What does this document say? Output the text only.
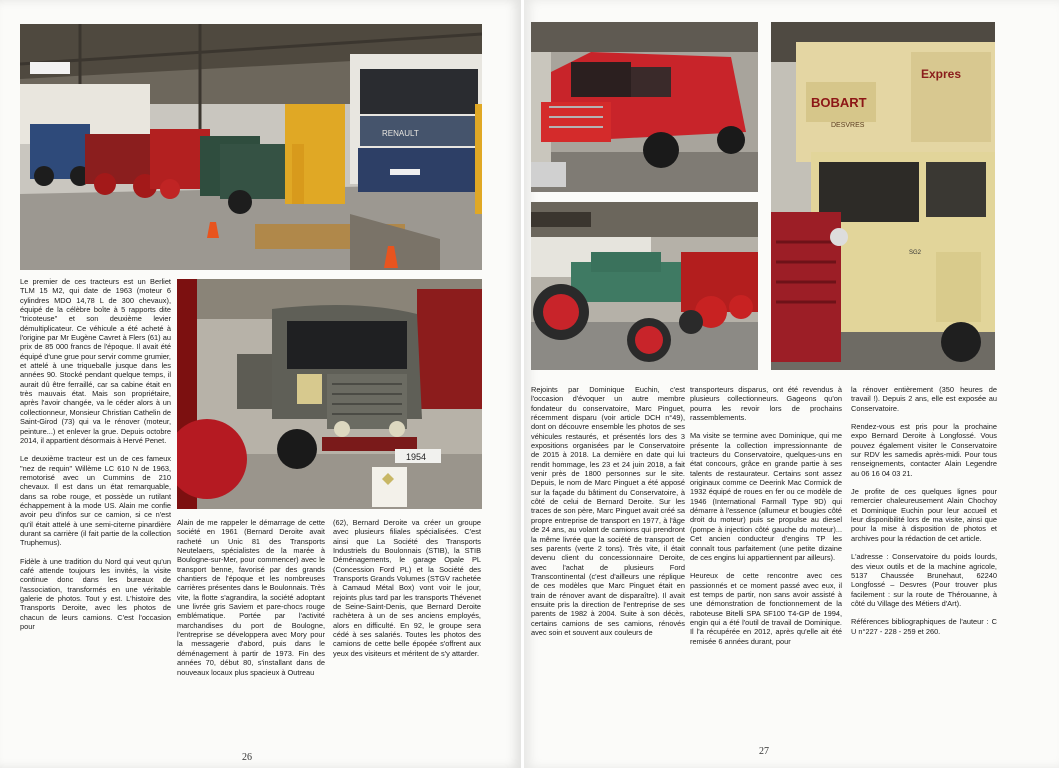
RENAULT
1954

Le premier de ces tracteurs est un Berliet TLM 15 M2, qui date de 1963 (moteur 6 cylindres MDO 14,78 L de 300 chevaux), équipé de la célèbre boîte à 5 rapports dite "tricoteuse" et son deuxième levier démultiplicateur. Ce véhicule a été acheté à l'origine par Mr Eugène Cavret à Flers (61) au prix de 85 000 francs de l'époque. Il avait été équipé d'une grue pour servir comme grumier, et attelé à une triqueballe jusque dans les années 90. Stocké pendant quelque temps, il aurait dû être ferraillé, car sa cabine était en très mauvais état. Mais son propriétaire, après l'avoir changée, va le céder alors à un collectionneur, Monsieur Christian Cathelin de Saint-Girod (73) qui va le rénover (moteur, peinture...) et enlever la grue. Depuis octobre 2014, il appartient désormais à Hervé Penet.

Le deuxième tracteur est un de ces fameux "nez de requin" Willème LC 610 N de 1963, remotorisé avec un Cummins de 210 chevaux. Il est dans un état remarquable, dans sa robe rouge, et possède un rutilant échappement à la mode US. Alain me confie avoir peu d'infos sur ce camion, si ce n'est qu'il était attelé à une semi-citerne pinardière durant sa carrière (il fait partie de la collection Truphemus).

Fidèle à une tradition du Nord qui veut qu'un café attende toujours les invités, la visite continue donc dans les bureaux de l'association, transformés en une véritable galerie de photos. Tout y est. L'histoire des Transports Deroite, avec les photos de chacun de leurs camions. C'est l'occasion pour

Alain de me rappeler le démarrage de cette société en 1961 (Bernard Deroite avait racheté un Unic 81 des Transports Neutelaers, spécialistes de la marée à Boulogne-sur-Mer, pour commencer) avec le transport benne, favorisé par des grands chantiers de l'époque et les nombreuses carrières présentes dans le Boulonnais. Très vite, la flotte s'agrandira, la société adoptant une livrée gris Saviem et pare-chocs rouge emblématique. Portée par l'activité marchandises du port de Boulogne, l'entreprise se développera avec Mory pour la messagerie d'abord, puis dans le déménagement à partir de 1973. Fin des années 70, début 80, s'installant dans de nouveaux locaux plus spacieux à Outreau

(62), Bernard Deroite va créer un groupe avec plusieurs filiales spécialisées. C'est ainsi que La Société des Transports Industriels du Boulonnais (STIB), la STIB Déménagements, le garage Opale PL (Concession Ford PL) et la Société des Transports Grands Volumes (STGV rachetée à Camaud Métal Box) vont voir le jour, rejoints plus tard par les transports Thévenet de Seine-Saint-Denis, que Bernard Deroite rachètera à un de ses anciens employés, alors en difficulté. En 92, le groupe sera cédé à ses salariés. Toutes les photos des camions de cette belle épopée s'offrent aux yeux des visiteurs et méritent de s'y attarder.

26
BOBART
DESVRES
Expres
SG2

Rejoints par Dominique Euchin, c'est l'occasion d'évoquer un autre membre fondateur du conservatoire, Marc Pinguet, récemment disparu (voir article DCH n°49), dont on découvre ensemble les photos de ses véhicules restaurés, et présentés lors des 3 expositions organisées par le Conservatoire de 2015 à 2018. La dernière en date qui lui rendit hommage, les 23 et 24 juin 2018, a fait venir près de 1800 personnes sur le site. Depuis, le nom de Marc Pinguet a été apposé sur la façade du bâtiment du Conservatoire, à côté de celui de Bernard Deroite. Sur les traces de son père, Marc Pinguet avait créé sa propre entreprise de transport en 1977, à l'âge de 24 ans, au volant de camions qui prendront la même livrée que la société de transport de ses parents (verte 2 tons). Très vite, il était devenu client du concessionnaire Deroite, avec l'achat de plusieurs Ford Transcontinental (c'est d'ailleurs une réplique de ces modèles que Marc Pinguet était en train de rénover avant de disparaître). Il avait ensuite pris la direction de l'entreprise de ses parents de 1982 à 2004. Suite à son décès, certains camions de ses camions, rénovés avec soin et souvent aux couleurs de

transporteurs disparus, ont été revendus à plusieurs collectionneurs. Gageons qu'on pourra les revoir lors de prochains rassemblements.

Ma visite se termine avec Dominique, qui me présente la collection impressionnante de tracteurs du Conservatoire, quelques-uns en état concours, grâce en grande partie à ses talents de restaurateur. Certains sont assez originaux comme ce Deerink Mac Cormick de 1932 équipé de roues en fer ou ce modèle de 1946 (International Farmall Type 9D) qui démarre à l'essence (allumeur et bougies côté droit du moteur) puis se propulse au diesel (pompe à injection côté gauche du moteur)... Cet ancien conducteur d'engins TP les connaît tous parfaitement (une petite dizaine de ces engins lui appartiennent par ailleurs).

Heureux de cette rencontre avec ces passionnés et ce moment passé avec eux, il est temps de partir, non sans avoir assisté à une démonstration de fonctionnement de la raboteuse Bitelli SPA SF100 T4-GP de 1994, engin qui a été l'outil de travail de Dominique. Il l'a récupérée en 2012, après qu'elle ait été remisée 6 années durant, pour

la rénover entièrement (350 heures de travail !). Depuis 2 ans, elle est exposée au Conservatoire.

Rendez-vous est pris pour la prochaine expo Bernard Deroite à Longfossé. Vous pouvez également visiter le Conservatoire sur RDV les samedis après-midi. Pour tous renseignements, contacter Alain Legendre au 06 16 04 03 21.

Je profite de ces quelques lignes pour remercier chaleureusement Alain Chochoy et Dominique Euchin pour leur accueil et leur disponibilité lors de ma visite, ainsi que pour la mise à disposition de photos et archives pour la rédaction de cet article.

L'adresse : Conservatoire du poids lourds, des vieux outils et de la machine agricole, 5137 Chaussée Brunehaut, 62240 Longfossé – Desvres (Pour trouver plus facilement : sur la route de Thérouanne, à côté du Village des Métiers d'Art).

Références bibliographiques de l'auteur : C U n°227 - 228 - 259 et 260.

27
